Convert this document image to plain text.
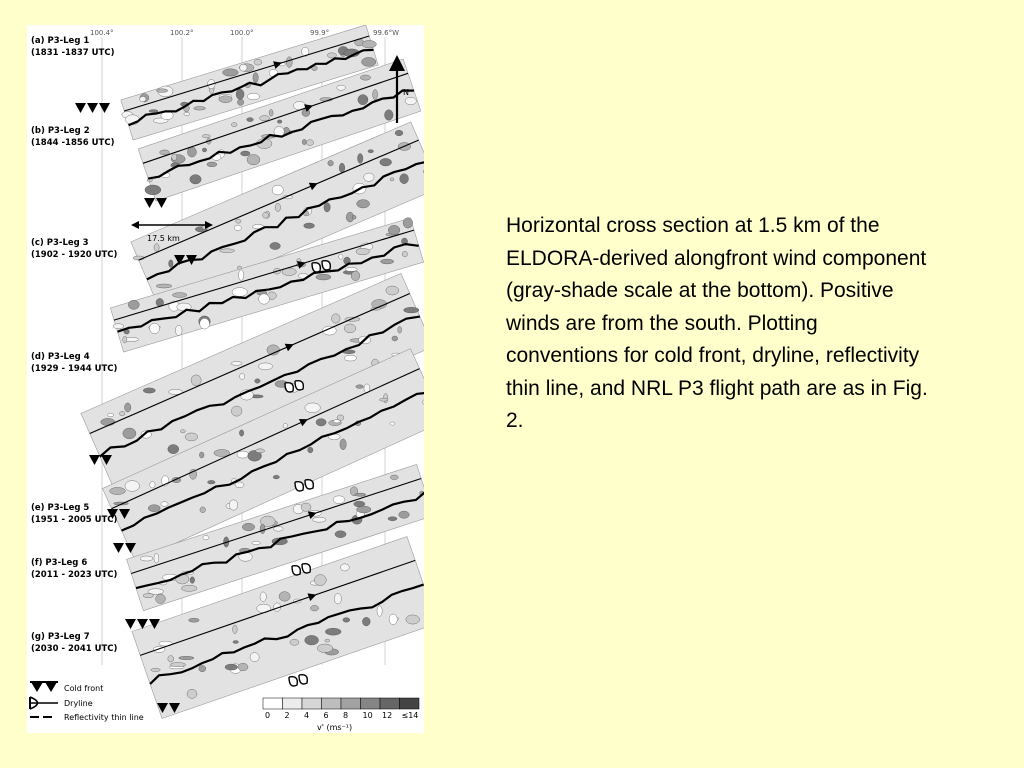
100.4°	100.2°	100.0°	99.9°	99.6°W
(a) P3-Leg 1
(1831 -1837 UTC)
(b) P3-Leg 2
(1844 -1856 UTC)
(c) P3-Leg 3
(1902 - 1920 UTC)
(d) P3-Leg 4
(1929 - 1944 UTC)
(e) P3-Leg 5
(1951 - 2005 UTC)
(f) P3-Leg 6
(2011 - 2023 UTC)
(g) P3-Leg 7
(2030 - 2041 UTC)
N
17.5 km
Cold front
Dryline
Reflectivity thin line	0 2 4 6 8 10 12 ≤14
v' (ms⁻¹)

Horizontal cross section at 1.5 km of the ELDORA-derived alongfront wind component (gray-shade scale at the bottom). Positive winds are from the south. Plotting conventions for cold front, dryline, reflectivity thin line, and NRL P3 flight path are as in Fig. 2.
